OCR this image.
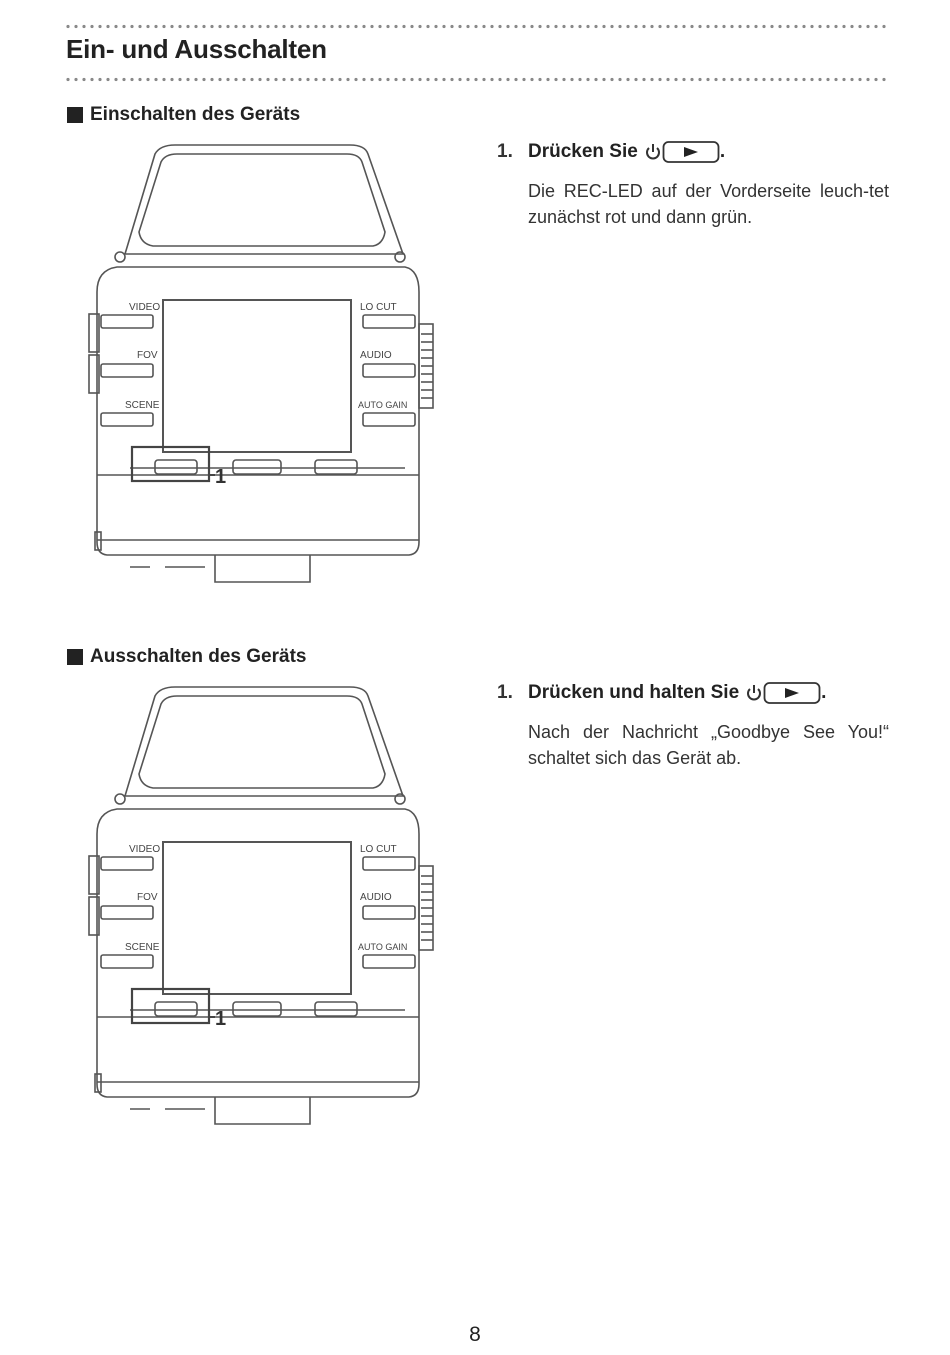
Ein- und Ausschalten
Einschalten des Geräts
VIDEO
FOV
SCENE
LO CUT
AUDIO
AUTO GAIN
1
1. Drücken Sie	.
Die REC-LED auf der Vorderseite leuch-tet zunächst rot und dann grün.
Ausschalten des Geräts
VIDEO
FOV
SCENE
LO CUT
AUDIO
AUTO GAIN
1
1. Drücken und halten Sie	.
Nach der Nachricht „Goodbye See You!“ schaltet sich das Gerät ab.
8
